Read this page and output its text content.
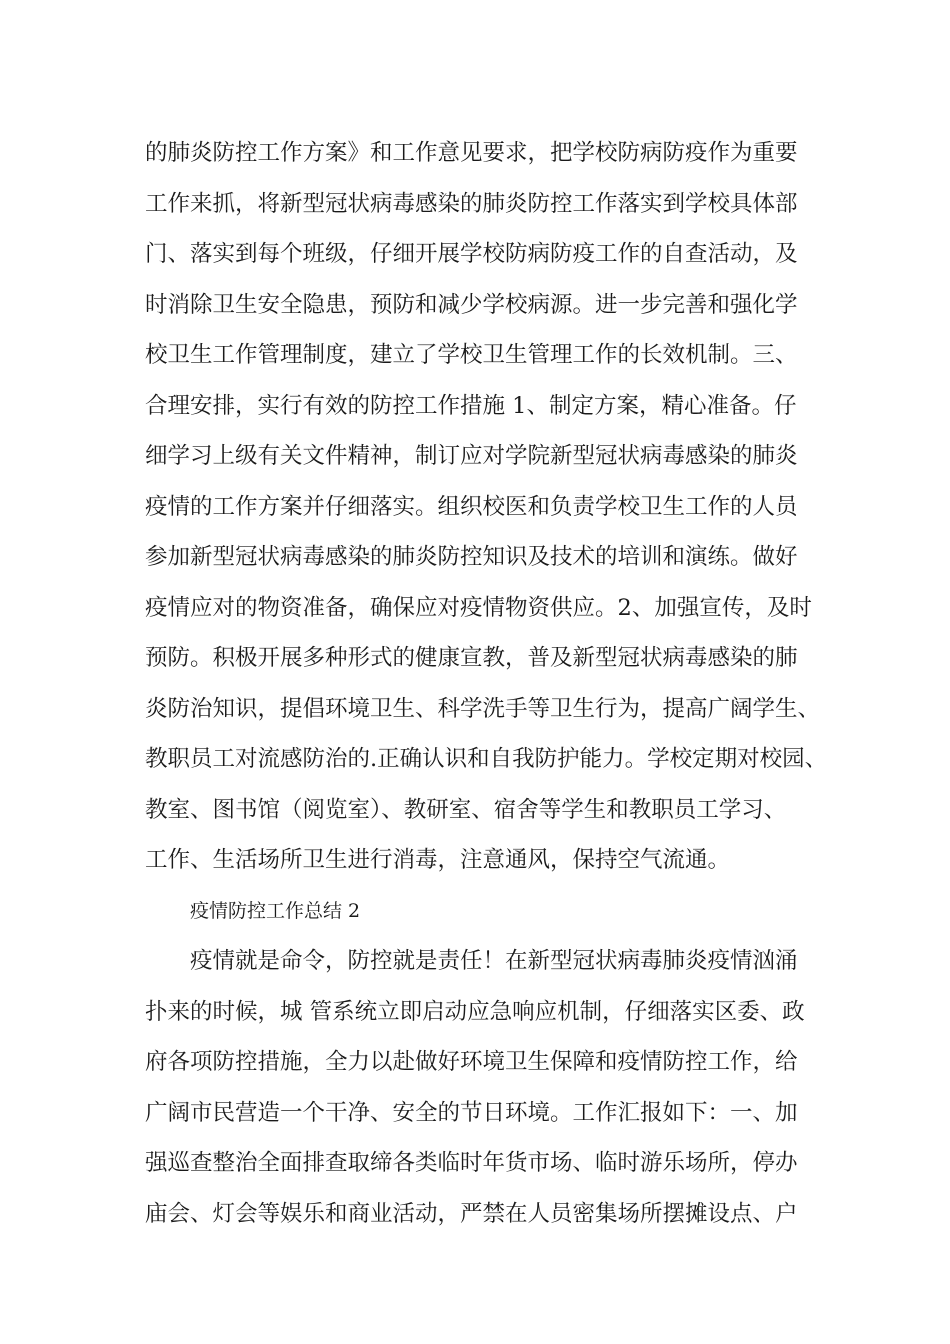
的肺炎防控工作方案》和工作意见要求，把学校防病防疫作为重要
工作来抓，将新型冠状病毒感染的肺炎防控工作落实到学校具体部
门、落实到每个班级，仔细开展学校防病防疫工作的自查活动，及
时消除卫生安全隐患，预防和减少学校病源。进一步完善和强化学
校卫生工作管理制度，建立了学校卫生管理工作的长效机制。三、
合理安排，实行有效的防控工作措施 1、制定方案，精心准备。仔
细学习上级有关文件精神，制订应对学院新型冠状病毒感染的肺炎
疫情的工作方案并仔细落实。组织校医和负责学校卫生工作的人员
参加新型冠状病毒感染的肺炎防控知识及技术的培训和演练。做好
疫情应对的物资准备，确保应对疫情物资供应。2、加强宣传，及时
预防。积极开展多种形式的健康宣教，普及新型冠状病毒感染的肺
炎防治知识，提倡环境卫生、科学洗手等卫生行为，提高广阔学生、
教职员工对流感防治的.正确认识和自我防护能力。学校定期对校园、
教室、图书馆（阅览室）、教研室、宿舍等学生和教职员工学习、
工作、生活场所卫生进行消毒，注意通风，保持空气流通。
疫情防控工作总结 2
疫情就是命令，防控就是责任！在新型冠状病毒肺炎疫情汹涌
扑来的时候，城 管系统立即启动应急响应机制，仔细落实区委、政
府各项防控措施，全力以赴做好环境卫生保障和疫情防控工作，给
广阔市民营造一个干净、安全的节日环境。工作汇报如下：一、加
强巡查整治全面排查取缔各类临时年货市场、临时游乐场所，停办
庙会、灯会等娱乐和商业活动，严禁在人员密集场所摆摊设点、户
